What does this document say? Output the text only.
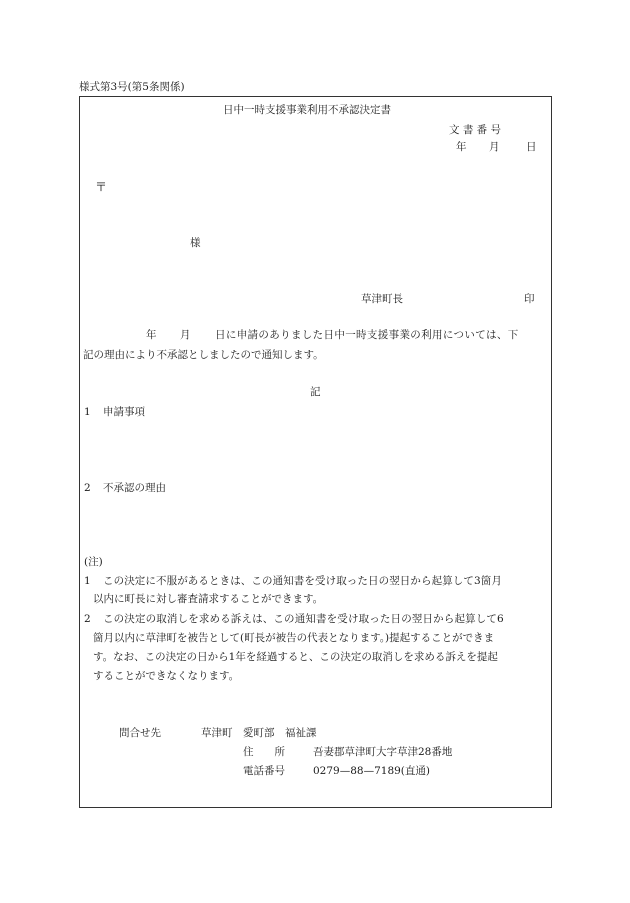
様式第3号(第5条関係)
日中一時支援事業利用不承認決定書
文 書 番 号
年 月	日
〒
様
草津町長	印
年 月 日に申請のありました日中一時支援事業の利用については、下
記の理由により不承認としましたので通知します。
記
1 申請事項
2 不承認の理由
(注)
1 この決定に不服があるときは、この通知書を受け取った日の翌日から起算して3箇月
以内に町長に対し審査請求することができます。
2 この決定の取消しを求める訴えは、この通知書を受け取った日の翌日から起算して6
箇月以内に草津町を被告として(町長が被告の代表となります。)提起することができま
す。なお、この決定の日から1年を経過すると、この決定の取消しを求める訴えを提起
することができなくなります。
問合せ先	草津町　愛町部　福祉課
住　　所	吾妻郡草津町大字草津28番地
電話番号	0279—88—7189(直通)
